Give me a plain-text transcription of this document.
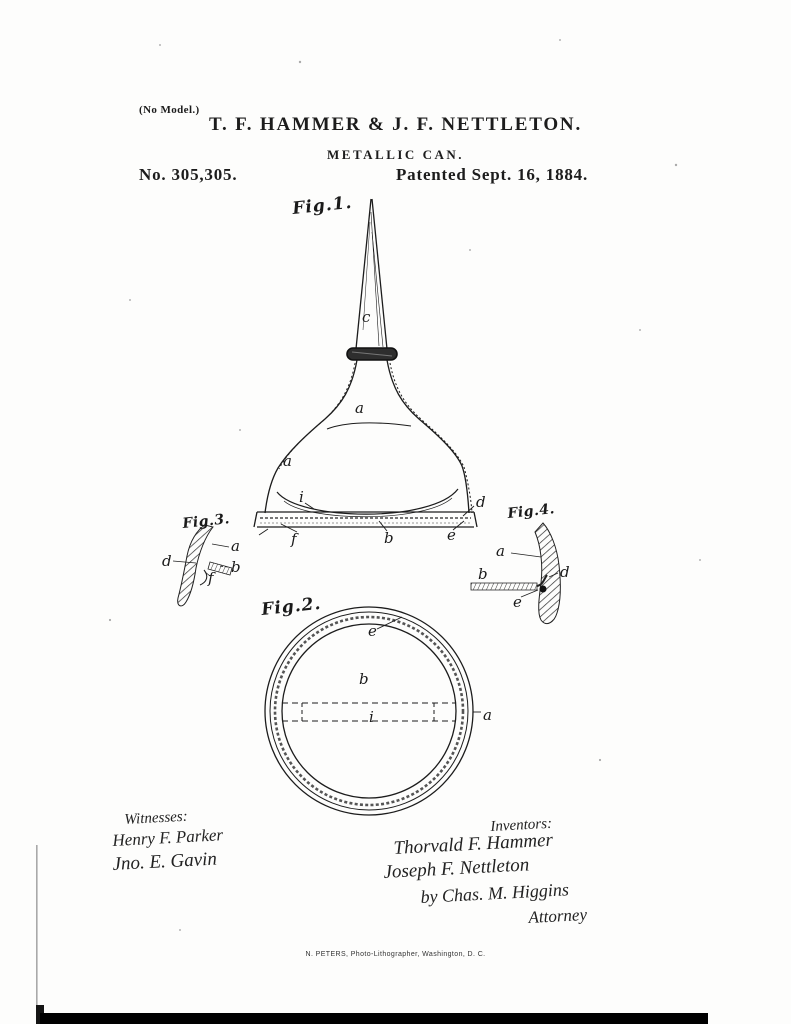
(No Model.)
T. F. HAMMER & J. F. NETTLETON.
METALLIC CAN.
No. 305,305.	Patented Sept. 16, 1884.
Fig.1.
c
a
a
i	d
f	b	e
Fig.3.
a
d	b
f
Fig.4.
a
b	d
e
Fig.2.
e
b
i	a
Witnesses:
Henry F. Parker
Jno. E. Gavin
Inventors:
Thorvald F. Hammer
Joseph F. Nettleton
by Chas. M. Higgins
Attorney
N. PETERS, Photo-Lithographer, Washington, D. C.
